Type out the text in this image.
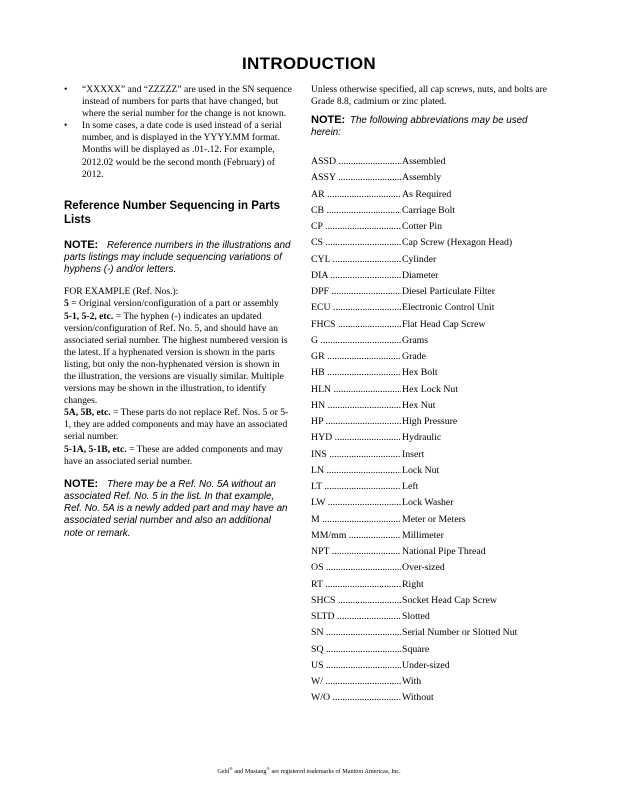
INTRODUCTION
• “XXXXX” and “ZZZZZ” are used in the SN sequence instead of numbers for parts that have changed, but where the serial number for the change is not known.
• In some cases, a date code is used instead of a serial number, and is displayed in the YYYY.MM format. Months will be displayed as .01-.12. For example, 2012.02 would be the second month (February) of 2012.
Reference Number Sequencing in Parts Lists
NOTE: Reference numbers in the illustrations and parts listings may include sequencing variations of hyphens (-) and/or letters.

FOR EXAMPLE (Ref. Nos.):

5 = Original version/configuration of a part or assembly

5-1, 5-2, etc. = The hyphen (-) indicates an updated version/configuration of Ref. No. 5, and should have an associated serial number. The highest numbered version is the latest. If a hyphenated version is shown in the parts listing, but only the non-hyphenated version is shown in the illustration, the versions are visually similar. Multiple versions may be shown in the illustration, to identify changes.

5A, 5B, etc. = These parts do not replace Ref. Nos. 5 or 5-1, they are added components and may have an associated serial number.

5-1A, 5-1B, etc. = These are added components and may have an associated serial number.

NOTE: There may be a Ref. No. 5A without an associated Ref. No. 5 in the list. In that example, Ref. No. 5A is a newly added part and may have an associated serial number and also an additional note or remark.

Unless otherwise specified, all cap screws, nuts, and bolts are Grade 8.8, cadmium or zinc plated.

NOTE: The following abbreviations may be used herein:
ASSD .....	Assembled
ASSY .....	Assembly
AR .....	As Required
CB .....	Carriage Bolt
CP .....	Cotter Pin
CS .....	Cap Screw (Hexagon Head)
CYL .....	Cylinder
DIA .....	Diameter
DPF .....	Diesel Particulate Filter
ECU .....	Electronic Control Unit
FHCS .....	Flat Head Cap Screw
G .....	Grams
GR .....	Grade
HB .....	Hex Bolt
HLN .....	Hex Lock Nut
HN .....	Hex Nut
HP .....	High Pressure
HYD .....	Hydraulic
INS .....	Insert
LN .....	Lock Nut
LT .....	Left
LW .....	Lock Washer
M .....	Meter or Meters
MM/mm .....	Millimeter
NPT .....	National Pipe Thread
OS .....	Over-sized
RT .....	Right
SHCS .....	Socket Head Cap Screw
SLTD .....	Slotted
SN .....	Serial Number or Slotted Nut
SQ .....	Square
US .....	Under-sized
W/ .....	With
W/O .....	Without
Gehl® and Mustang® are registered trademarks of Manitou Americas, Inc.
